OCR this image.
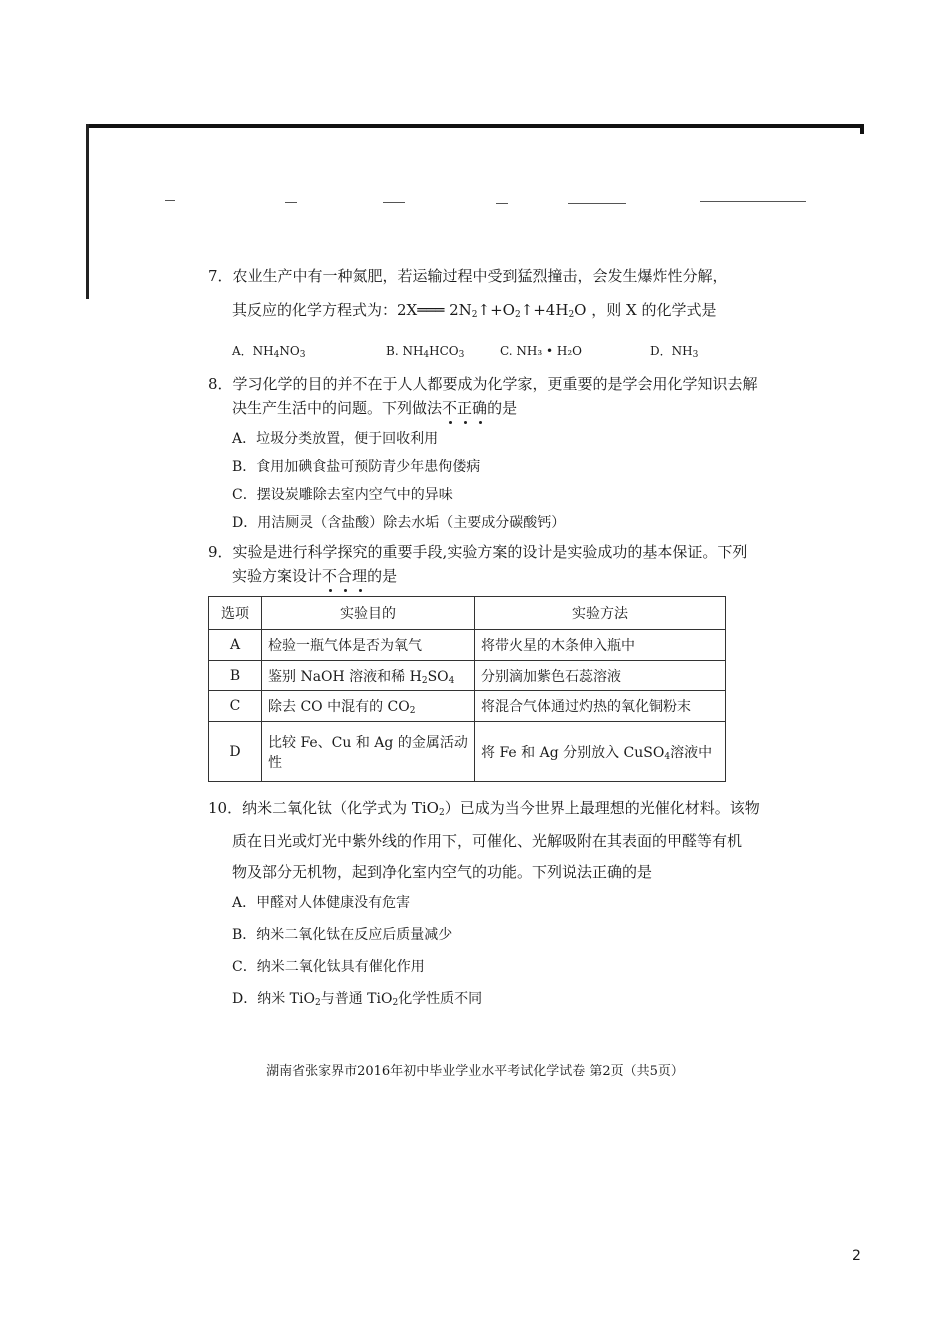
7．农业生产中有一种氮肥，若运输过程中受到猛烈撞击，会发生爆炸性分解，
其反应的化学方程式为：2X═══ $2N_2↑+O_2↑+4H_2O$ ，则 X 的化学式是
A．$NH_4NO_3$	B. $NH_4HCO_3$	C. NH₃ • H₂O	D．$NH_3$
8．学习化学的目的并不在于人人都要成为化学家，更重要的是学会用化学知识去解
决生产生活中的问题。下列做法不正确的是
A．垃圾分类放置，便于回收利用
B．食用加碘食盐可预防青少年患佝偻病
C．摆设炭雕除去室内空气中的异味
D．用洁厕灵（含盐酸）除去水垢（主要成分碳酸钙）
9．实验是进行科学探究的重要手段,实验方案的设计是实验成功的基本保证。下列
实验方案设计不合理的是
选项	实验目的	实验方法
A	检验一瓶气体是否为氧气	将带火星的木条伸入瓶中
B	鉴别 NaOH 溶液和稀 $H_2SO_4$	分别滴加紫色石蕊溶液
C	除去 CO 中混有的 $CO_2$	将混合气体通过灼热的氧化铜粉末
D	比较 Fe、Cu 和 Ag 的金属活动性	将 Fe 和 Ag 分别放入 CuSO$_4$溶液中
10．纳米二氧化钛（化学式为 TiO$_2$）已成为当今世界上最理想的光催化材料。该物
质在日光或灯光中紫外线的作用下，可催化、光解吸附在其表面的甲醛等有机
物及部分无机物，起到净化室内空气的功能。下列说法正确的是
A．甲醛对人体健康没有危害
B．纳米二氧化钛在反应后质量减少
C．纳米二氧化钛具有催化作用
D．纳米 TiO$_2$与普通 TiO$_2$化学性质不同
湖南省张家界市2016年初中毕业学业水平考试化学试卷 第2页（共5页）
2
